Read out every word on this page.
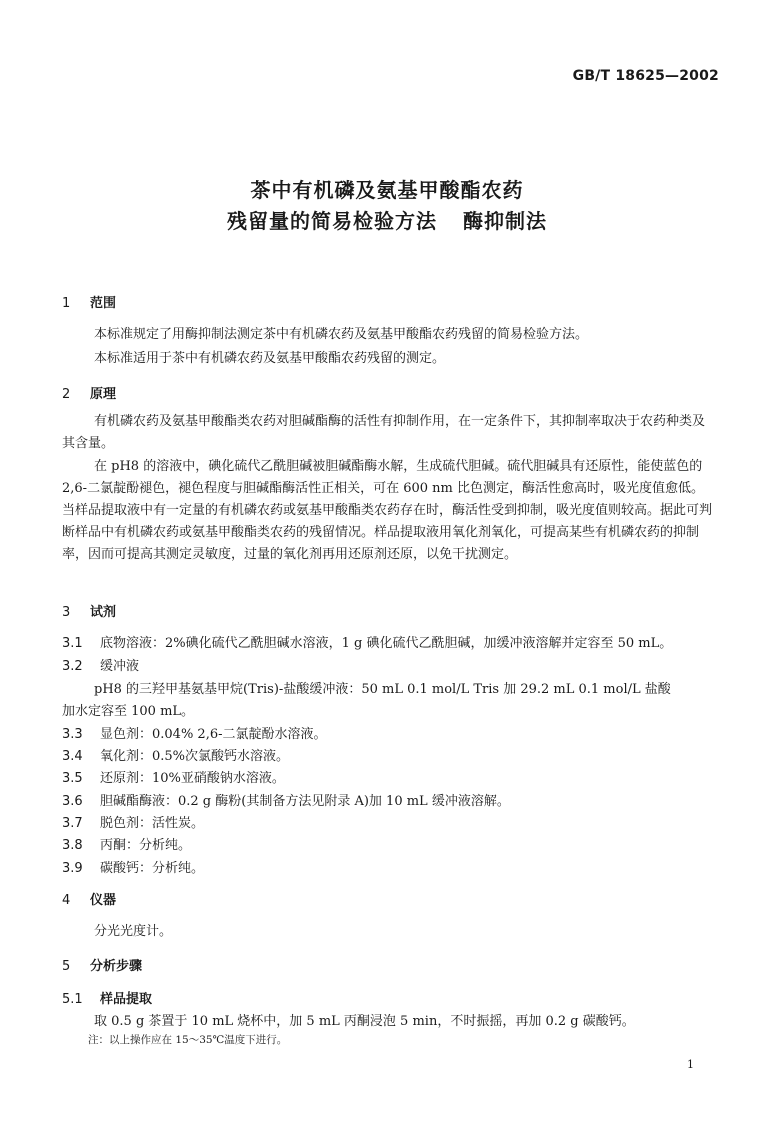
GB/T 18625—2002
茶中有机磷及氨基甲酸酯农药
残留量的简易检验方法 酶抑制法
1 范围
本标准规定了用酶抑制法测定茶中有机磷农药及氨基甲酸酯农药残留的简易检验方法。
本标准适用于茶中有机磷农药及氨基甲酸酯农药残留的测定。
2 原理
有机磷农药及氨基甲酸酯类农药对胆碱酯酶的活性有抑制作用，在一定条件下，其抑制率取决于农药种类及其含量。
在 pH8 的溶液中，碘化硫代乙酰胆碱被胆碱酯酶水解，生成硫代胆碱。硫代胆碱具有还原性，能使蓝色的 2,6-二氯靛酚褪色，褪色程度与胆碱酯酶活性正相关，可在 600 nm 比色测定，酶活性愈高时，吸光度值愈低。当样品提取液中有一定量的有机磷农药或氨基甲酸酯类农药存在时，酶活性受到抑制，吸光度值则较高。据此可判断样品中有机磷农药或氨基甲酸酯类农药的残留情况。样品提取液用氧化剂氧化，可提高某些有机磷农药的抑制率，因而可提高其测定灵敏度，过量的氧化剂再用还原剂还原，以免干扰测定。
3 试剂
3.1 底物溶液：2%碘化硫代乙酰胆碱水溶液，1 g 碘化硫代乙酰胆碱，加缓冲液溶解并定容至 50 mL。
3.2 缓冲液
pH8 的三羟甲基氨基甲烷(Tris)-盐酸缓冲液：50 mL 0.1 mol/L Tris 加 29.2 mL 0.1 mol/L 盐酸
加水定容至 100 mL。
3.3 显色剂：0.04% 2,6-二氯靛酚水溶液。
3.4 氧化剂：0.5%次氯酸钙水溶液。
3.5 还原剂：10%亚硝酸钠水溶液。
3.6 胆碱酯酶液：0.2 g 酶粉(其制备方法见附录 A)加 10 mL 缓冲液溶解。
3.7 脱色剂：活性炭。
3.8 丙酮：分析纯。
3.9 碳酸钙：分析纯。
4 仪器
分光光度计。
5 分析步骤
5.1 样品提取
取 0.5 g 茶置于 10 mL 烧杯中，加 5 mL 丙酮浸泡 5 min，不时振摇，再加 0.2 g 碳酸钙。
注：以上操作应在 15～35℃温度下进行。
1
